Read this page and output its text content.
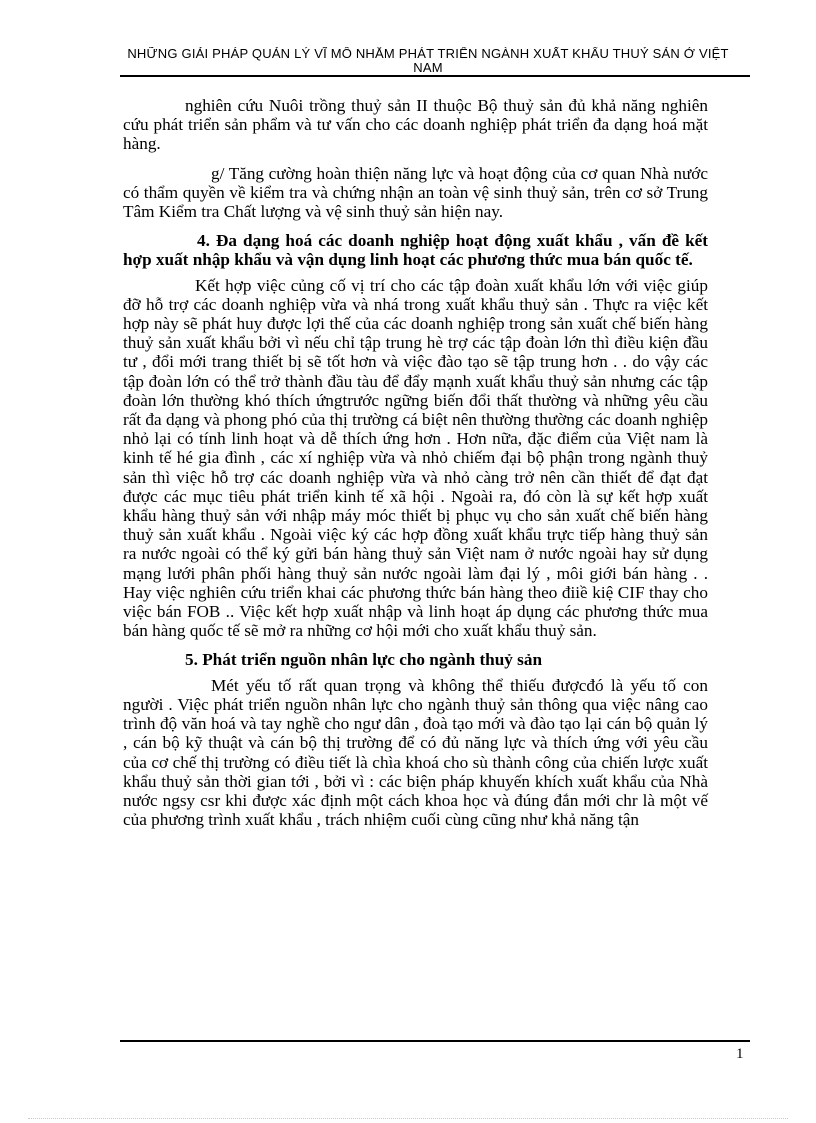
NHỮNG GIẢI PHÁP QUẢN LÝ VĨ MÔ NHẰM PHÁT TRIỂN NGÀNH XUẤT KHẨU THUỶ SẢN Ở VIỆT NAM

nghiên cứu Nuôi trồng thuỷ sản II thuộc Bộ thuỷ sản đủ khả năng nghiên cứu phát triển sản phẩm và tư vấn cho các doanh nghiệp phát triển đa dạng hoá mặt hàng.

g/ Tăng cường hoàn thiện năng lực và hoạt động của cơ quan Nhà nước có thẩm quyền về kiểm tra và chứng nhận an toàn vệ sinh thuỷ sản, trên cơ sở Trung Tâm Kiểm tra Chất lượng và vệ sinh thuỷ sản hiện nay.

4. Đa dạng hoá các doanh nghiệp hoạt động xuất khẩu , vấn đề kết hợp xuất nhập khẩu và vận dụng linh hoạt các phương thức mua bán quốc tế.

Kết hợp việc củng cố vị trí cho các tập đoàn xuất khẩu lớn với việc giúp đỡ hỗ trợ các doanh nghiệp vừa và nhá trong xuất khẩu thuỷ sản . Thực ra việc kết hợp này sẽ phát huy được lợi thế của các doanh nghiệp trong sản xuất chế biến hàng thuỷ sản xuất khẩu bởi vì nếu chỉ tập trung hè trợ các tập đoàn lớn thì điều kiện đầu tư , đổi mới trang thiết bị sẽ tốt hơn và việc đào tạo sẽ tập trung hơn . . do vậy các tập đoàn lớn có thể trở thành đầu tàu để đẩy mạnh xuất khẩu thuỷ sản nhưng các tập đoàn lớn thường khó thích ứngtrước ngững biến đổi thất thường và những yêu cầu rất đa dạng và phong phó của thị trường cá biệt nên thường thường các doanh nghiệp nhỏ lại có tính linh hoạt và dễ thích ứng hơn . Hơn nữa, đặc điểm của Việt nam là kinh tế hé gia đình , các xí nghiệp vừa và nhỏ chiếm đại bộ phận trong ngành thuỷ sản thì việc hỗ trợ các doanh nghiệp vừa và nhỏ càng trở nên cần thiết để đạt đạt được các mục tiêu phát triển kinh tế xã hội . Ngoài ra, đó còn là sự kết hợp xuất khẩu hàng thuỷ sản với nhập máy móc thiết bị phục vụ cho sản xuất chế biến hàng thuỷ sản xuất khẩu . Ngoài việc ký các hợp đồng xuất khẩu trực tiếp hàng thuỷ sản ra nước ngoài có thể ký gửi bán hàng thuỷ sản Việt nam ở nước ngoài hay sử dụng mạng lưới phân phối hàng thuỷ sản nước ngoài làm đại lý , môi giới bán hàng . . Hay việc nghiên cứu triển khai các phương thức bán hàng theo điiề kiệ CIF thay cho việc bán FOB .. Việc kết hợp xuất nhập và linh hoạt áp dụng các phương thức mua bán hàng quốc tế sẽ mở ra những cơ hội mới cho xuất khẩu thuỷ sản.

5. Phát triển nguồn nhân lực cho ngành thuỷ sản

Mét yếu tố rất quan trọng và không thể thiếu đượcđó là yếu tố con người . Việc phát triển nguồn nhân lực cho ngành thuỷ sản thông qua việc nâng cao trình độ văn hoá và tay nghề cho ngư dân , đoà tạo mới và đào tạo lại cán bộ quản lý , cán bộ kỹ thuật và cán bộ thị trường để có đủ năng lực và thích ứng với yêu cầu của cơ chế thị trường có điều tiết là chìa khoá cho sù thành công của chiến lược xuất khẩu thuỷ sản thời gian tới , bởi vì : các biện pháp khuyến khích xuất khẩu của Nhà nước ngsy csr khi được xác định một cách khoa học và đúng đắn mới chr là một vế của phương trình xuất khẩu , trách nhiệm cuối cùng cũng như khả năng tận

1
